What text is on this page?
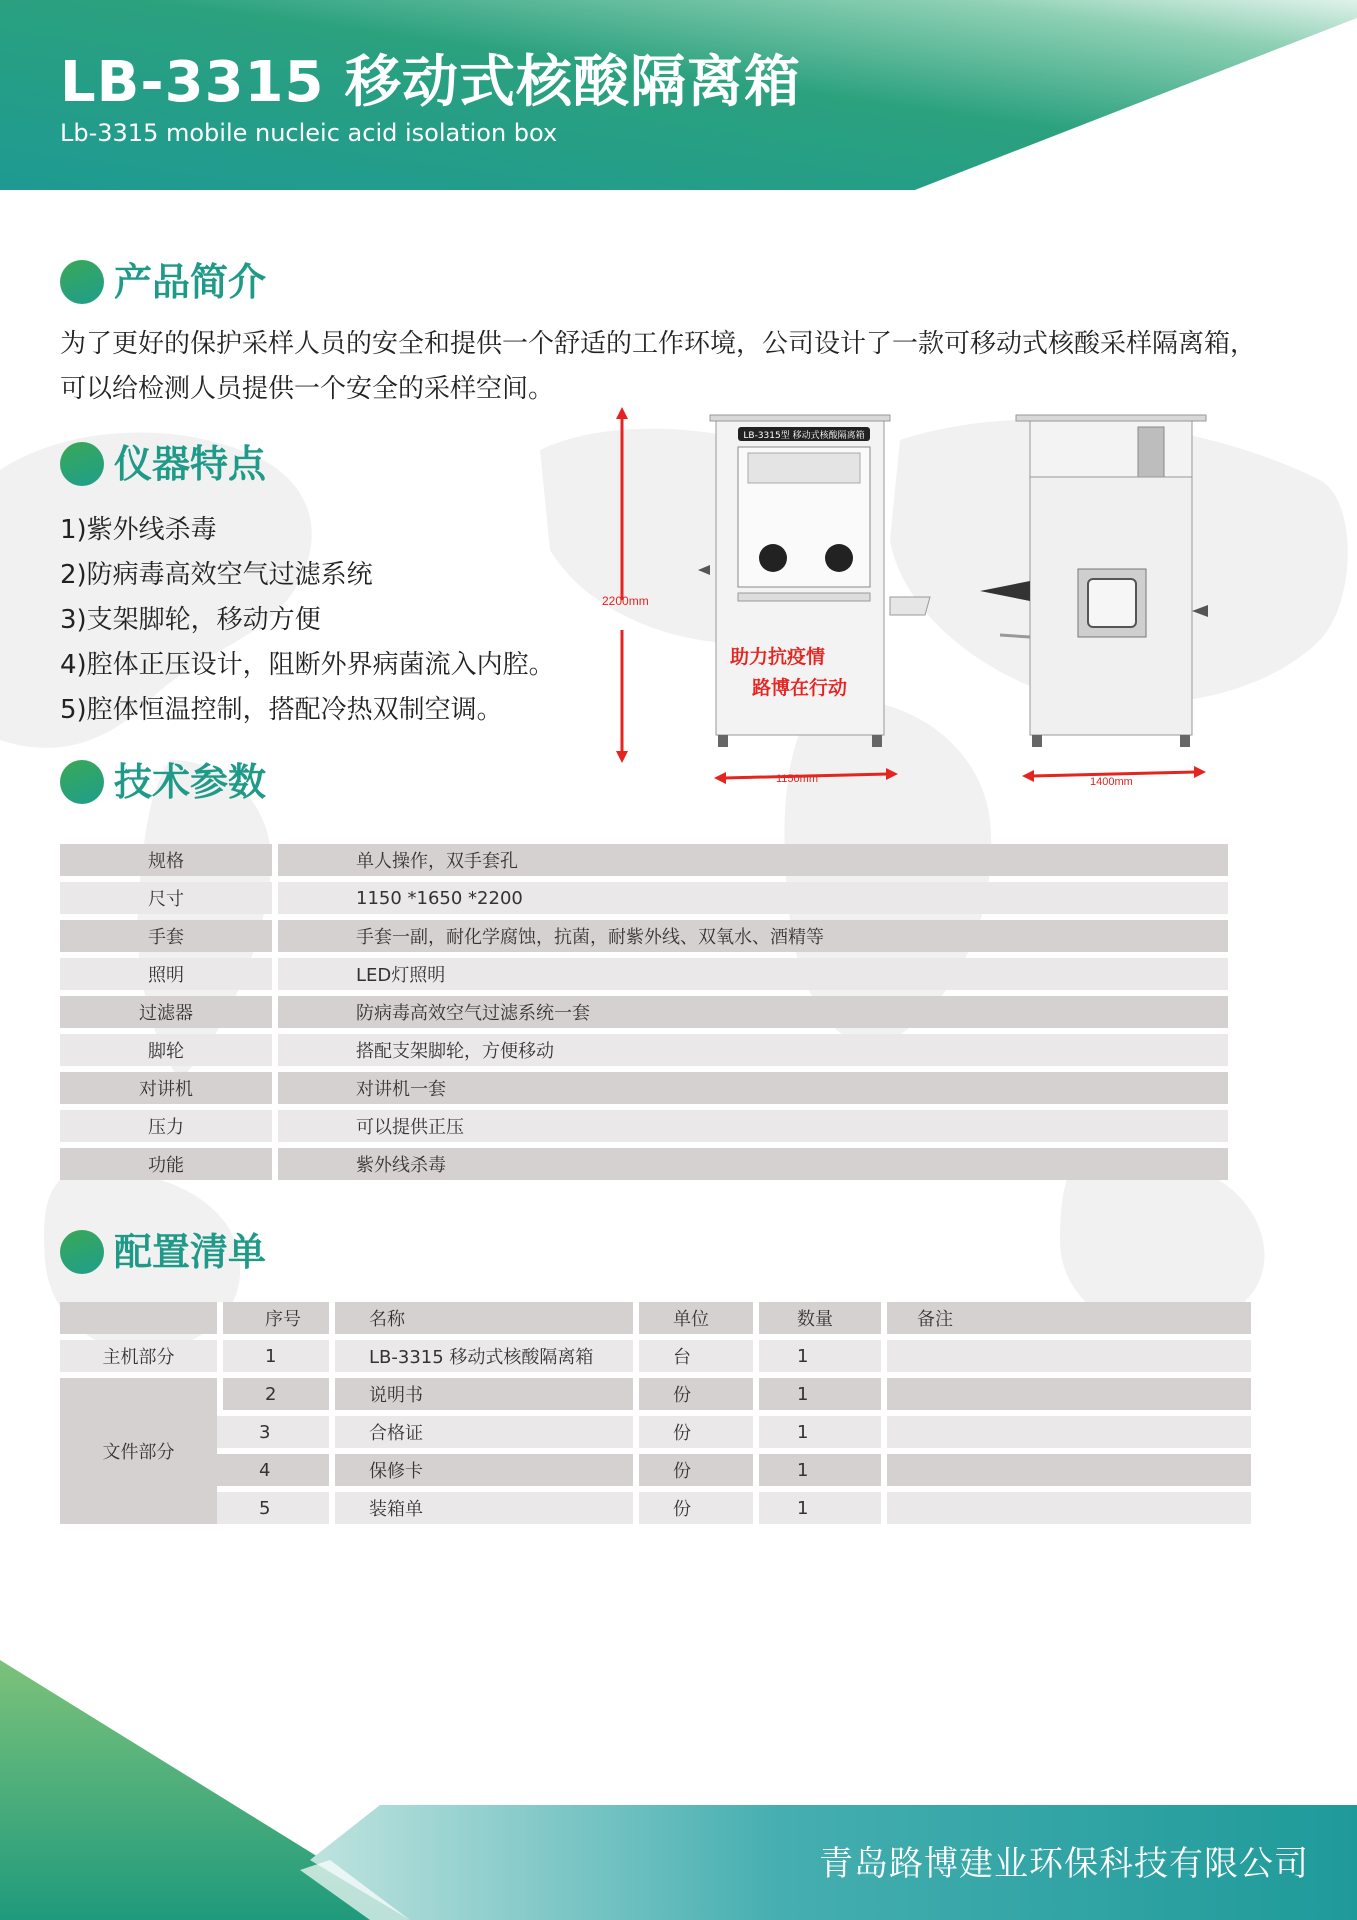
LB-3315 移动式核酸隔离箱
Lb-3315 mobile nucleic acid isolation box
产品简介
为了更好的保护采样人员的安全和提供一个舒适的工作环境，公司设计了一款可移动式核酸采样隔离箱，可以给检测人员提供一个安全的采样空间。
仪器特点
1)紫外线杀毒
2)防病毒高效空气过滤系统
3)支架脚轮，移动方便
4)腔体正压设计，阻断外界病菌流入内腔。
5)腔体恒温控制，搭配冷热双制空调。
2200mm
LB-3315型 移动式核酸隔离箱
助力抗疫情
路博在行动
1150mm	1400mm
技术参数
规格	单人操作，双手套孔
尺寸	1150 *1650 *2200
手套	手套一副，耐化学腐蚀，抗菌，耐紫外线、双氧水、酒精等
照明	LED灯照明
过滤器	防病毒高效空气过滤系统一套
脚轮	搭配支架脚轮，方便移动
对讲机	对讲机一套
压力	可以提供正压
功能	紫外线杀毒
配置清单
	序号	名称	单位	数量	备注
主机部分	1	LB-3315 移动式核酸隔离箱	台	1	
文件部分	2	说明书	份	1	
	3	合格证	份	1	
	4	保修卡	份	1	
	5	装箱单	份	1	
青岛路博建业环保科技有限公司
